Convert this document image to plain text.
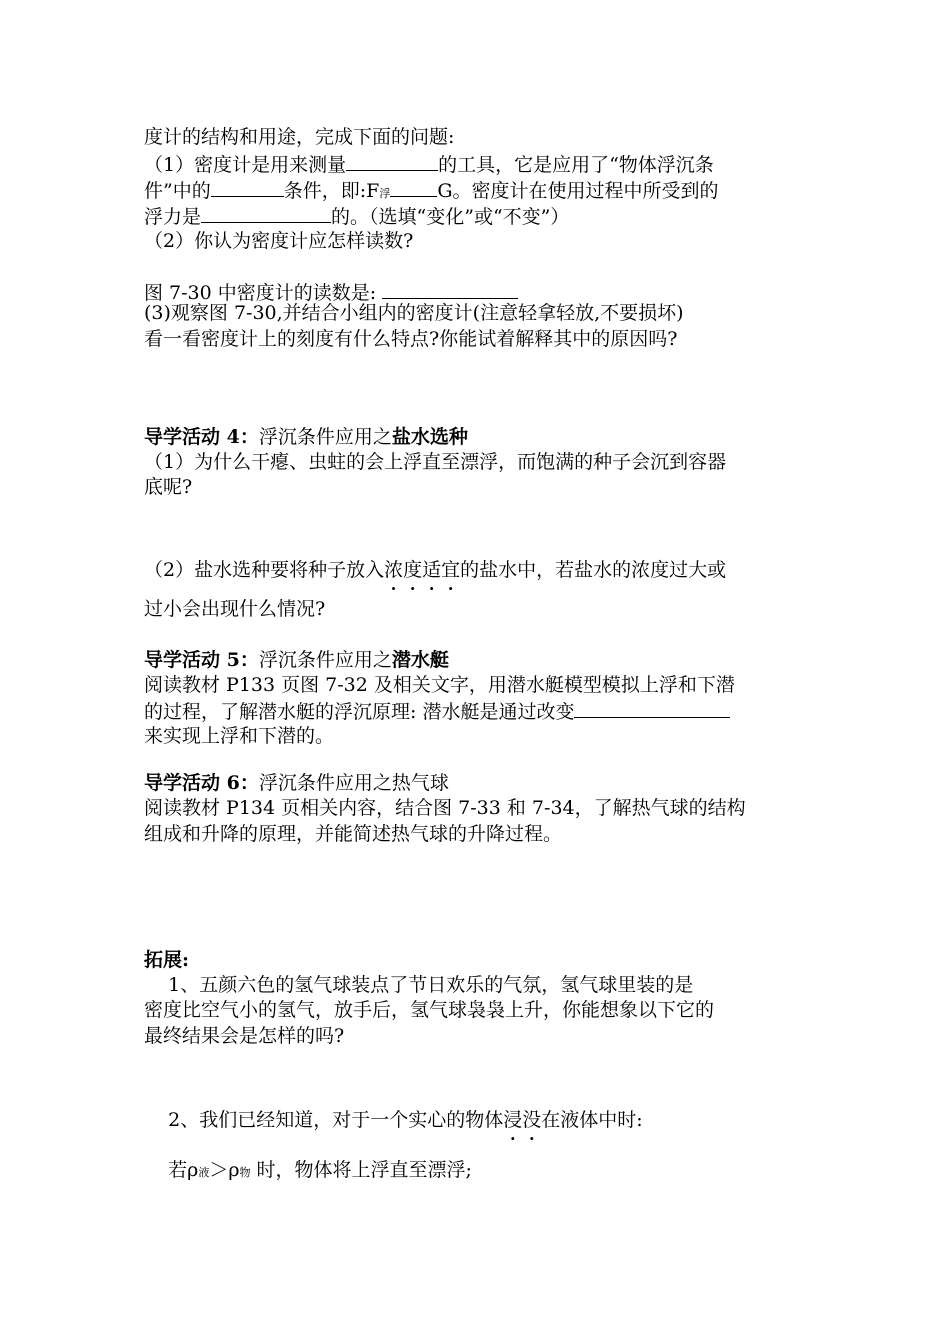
度计的结构和用途，完成下面的问题:
（1）密度计是用来测量	的工具，它是应用了“物体浮沉条
件”中的	条件，即:F浮 G。密度计在使用过程中所受到的
浮力是	的。（选填“变化”或“不变”）
（2）你认为密度计应怎样读数?
图 7-30 中密度计的读数是:
(3)观察图 7-30,并结合小组内的密度计(注意轻拿轻放,不要损坏)
看一看密度计上的刻度有什么特点?你能试着解释其中的原因吗?
导学活动 4：浮沉条件应用之盐水选种
（1）为什么干瘪、虫蛀的会上浮直至漂浮，而饱满的种子会沉到容器
底呢?
（2）盐水选种要将种子放入浓度适宜的盐水中，若盐水的浓度过大或
过小会出现什么情况?
导学活动 5：浮沉条件应用之潜水艇
阅读教材 P133 页图 7-32 及相关文字，用潜水艇模型模拟上浮和下潜
的过程，了解潜水艇的浮沉原理: 潜水艇是通过改变
来实现上浮和下潜的。
导学活动 6：浮沉条件应用之热气球
阅读教材 P134 页相关内容，结合图 7-33 和 7-34，了解热气球的结构
组成和升降的原理，并能简述热气球的升降过程。
拓展:
1、五颜六色的氢气球装点了节日欢乐的气氛，氢气球里装的是
密度比空气小的氢气，放手后，氢气球袅袅上升，你能想象以下它的
最终结果会是怎样的吗?
2、我们已经知道，对于一个实心的物体浸没在液体中时:
若ρ液＞ρ物 时，物体将上浮直至漂浮;
